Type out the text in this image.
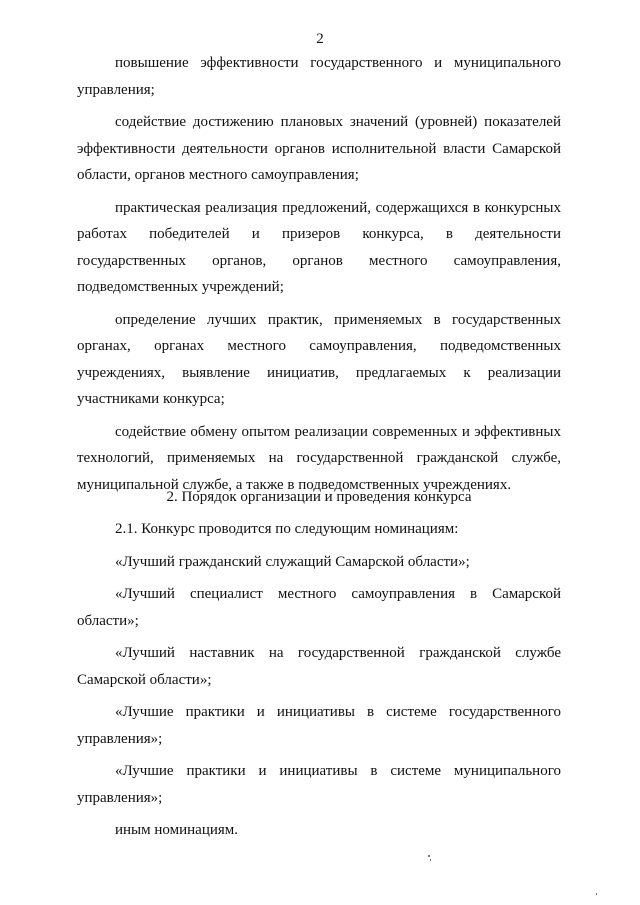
2

повышение эффективности государственного и муниципального управления;

содействие достижению плановых значений (уровней) показателей эффективности деятельности органов исполнительной власти Самарской области, органов местного самоуправления;

практическая реализация предложений, содержащихся в конкурсных работах победителей и призеров конкурса, в деятельности государственных органов, органов местного самоуправления, подведомственных учреждений;

определение лучших практик, применяемых в государственных органах, органах местного самоуправления, подведомственных учреждениях, выявление инициатив, предлагаемых к реализации участниками конкурса;

содействие обмену опытом реализации современных и эффективных технологий, применяемых на государственной гражданской службе, муниципальной службе, а также в подведомственных учреждениях.

2. Порядок организации и проведения конкурса

2.1. Конкурс проводится по следующим номинациям:

«Лучший гражданский служащий Самарской области»;

«Лучший специалист местного самоуправления в Самарской области»;

«Лучший наставник на государственной гражданской службе Самарской области»;

«Лучшие практики и инициативы в системе государственного управления»;

«Лучшие практики и инициативы в системе муниципального управления»;

иным номинациям.
